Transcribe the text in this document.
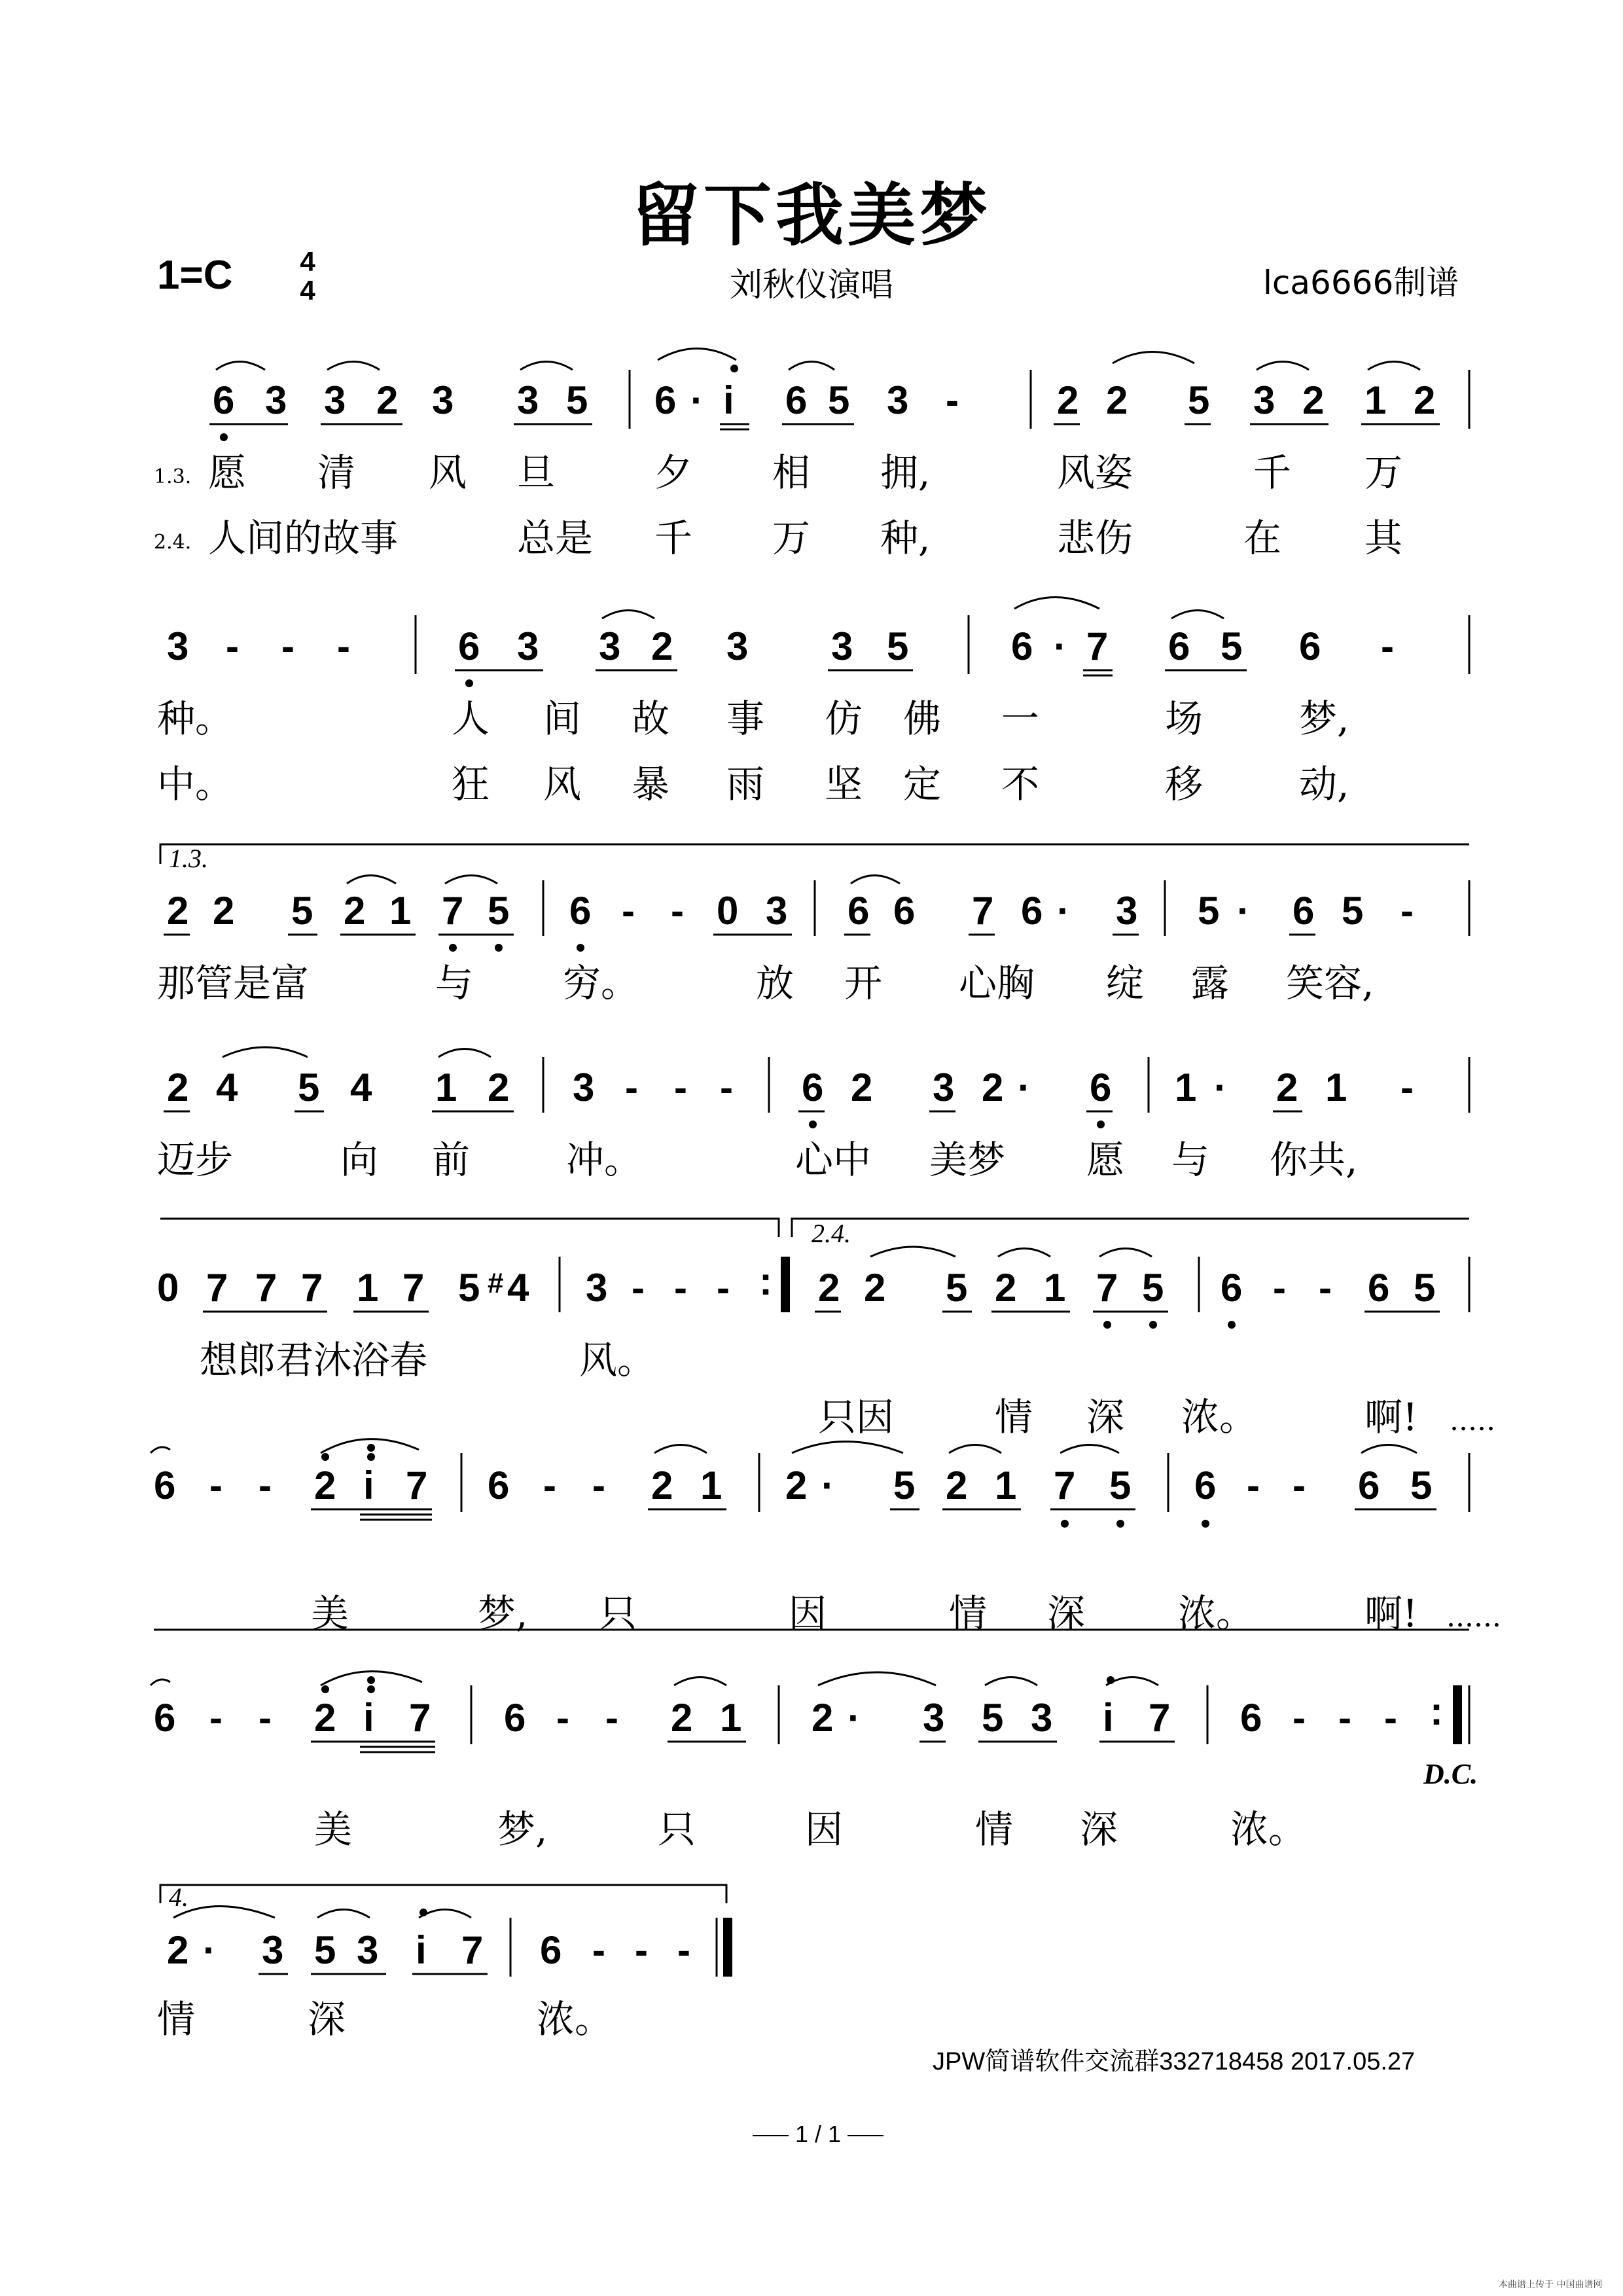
留下我美梦
1=C	4
4	刘秋仪演唱	lca6666制谱
6 3 3 2 3 3 5 6 · i 6 5 3 -	2 2 5 3 2 1 2
1.3. 愿 清 风 旦	夕 相 拥,	风姿	千 万
2.4. 人间的故事	总是 千 万 种,	悲伤	在 其
3 - - -	6 3 3 2 3 3 5	6 · 7 6 5 6 -
种。	人 间 故 事 仿 佛 一	场	梦,
中。	狂 风 暴 雨 坚 定 不	移	动,
1.3.
2 2 5 2 1 7 5 6 - - 0 3 6 6 7 6 · 3 5 · 6 5 -
那管是富	与 穷。	放 开 心胸 绽 露 笑容,
2 4 5 4 1 2 3 - - - 6 2 3 2 · 6 1 · 2 1 -
迈步	向 前	冲。	心中 美梦 愿 与 你共,
2.4.
0 7 7 7 1 7 5 # 4 3 - - - : 2 2 5 2 1 7 5 6 - - 6 5
想郎君沐浴春	风。
只因	情 深 浓。	啊! .....​
6 - - 2 i 7 6 - - 2 1 2 · 5 2 1 7 5 6 - - 6 5
美	梦, 只	因	情 深 浓。	啊! ......
6 - - 2 i 7 6 - - 2 1 2 · 3 5 3 i 7 6 - - - :
D.C.
美	梦,	只	因	情 深	浓。
4.
2 · 3 5 3 i 7 6 - - -
情	深	浓。
JPW简谱软件交流群332718458 2017.05.27
1 / 1
本曲谱上传于 中国曲谱网
